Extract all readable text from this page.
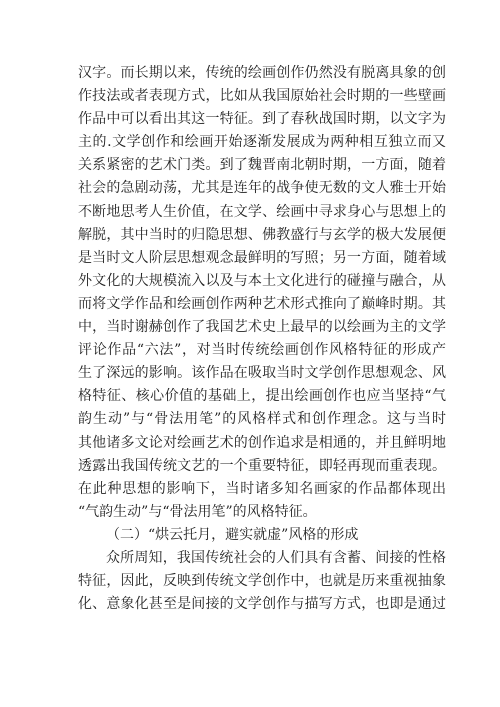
汉字。而长期以来，传统的绘画创作仍然没有脱离具象的创
作技法或者表现方式，比如从我国原始社会时期的一些壁画
作品中可以看出其这一特征。到了春秋战国时期，以文字为
主的.文学创作和绘画开始逐渐发展成为两种相互独立而又
关系紧密的艺术门类。到了魏晋南北朝时期，一方面，随着
社会的急剧动荡，尤其是连年的战争使无数的文人雅士开始
不断地思考人生价值，在文学、绘画中寻求身心与思想上的
解脱，其中当时的归隐思想、佛教盛行与玄学的极大发展便
是当时文人阶层思想观念最鲜明的写照；另一方面，随着域
外文化的大规模流入以及与本土文化进行的碰撞与融合，从
而将文学作品和绘画创作两种艺术形式推向了巅峰时期。其
中，当时谢赫创作了我国艺术史上最早的以绘画为主的文学
评论作品“六法”，对当时传统绘画创作风格特征的形成产
生了深远的影响。该作品在吸取当时文学创作思想观念、风
格特征、核心价值的基础上，提出绘画创作也应当坚持“气
韵生动”与“骨法用笔”的风格样式和创作理念。这与当时
其他诸多文论对绘画艺术的创作追求是相通的，并且鲜明地
透露出我国传统文艺的一个重要特征，即轻再现而重表现。
在此种思想的影响下，当时诸多知名画家的作品都体现出
“气韵生动”与“骨法用笔”的风格特征。
（二）“烘云托月，避实就虚”风格的形成
众所周知，我国传统社会的人们具有含蓄、间接的性格
特征，因此，反映到传统文学创作中，也就是历来重视抽象
化、意象化甚至是间接的文学创作与描写方式，也即是通过
